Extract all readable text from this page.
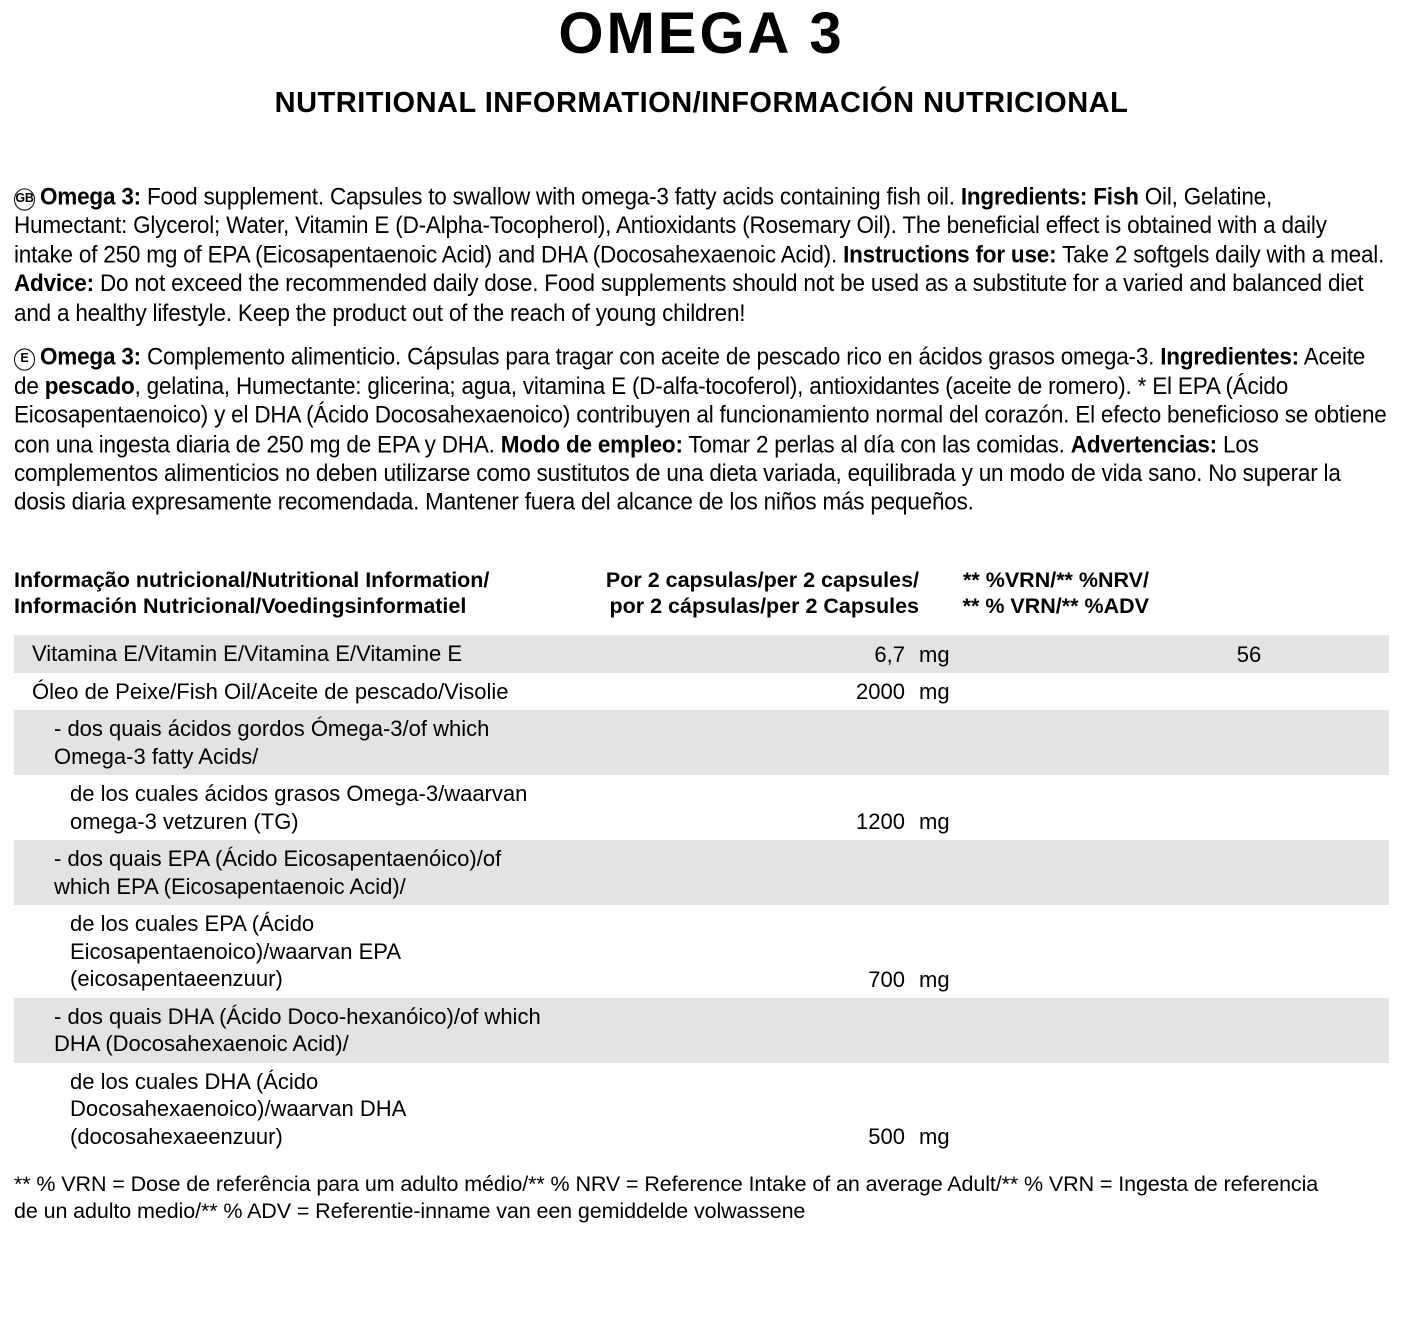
OMEGA 3
NUTRITIONAL INFORMATION/INFORMACIÓN NUTRICIONAL

GB Omega 3: Food supplement. Capsules to swallow with omega-3 fatty acids containing fish oil. Ingredients: Fish Oil, Gelatine, Humectant: Glycerol; Water, Vitamin E (D-Alpha-Tocopherol), Antioxidants (Rosemary Oil). The beneficial effect is obtained with a daily intake of 250 mg of EPA (Eicosapentaenoic Acid) and DHA (Docosahexaenoic Acid). Instructions for use: Take 2 softgels daily with a meal. Advice: Do not exceed the recommended daily dose. Food supplements should not be used as a substitute for a varied and balanced diet and a healthy lifestyle. Keep the product out of the reach of young children!

E Omega 3: Complemento alimenticio. Cápsulas para tragar con aceite de pescado rico en ácidos grasos omega-3. Ingredientes: Aceite de pescado, gelatina, Humectante: glicerina; agua, vitamina E (D-alfa-tocoferol), antioxidantes (aceite de romero). * El EPA (Ácido Eicosapentaenoico) y el DHA (Ácido Docosahexaenoico) contribuyen al funcionamiento normal del corazón. El efecto beneficioso se obtiene con una ingesta diaria de 250 mg de EPA y DHA. Modo de empleo: Tomar 2 perlas al día con las comidas. Advertencias: Los complementos alimenticios no deben utilizarse como sustitutos de una dieta variada, equilibrada y un modo de vida sano. No superar la dosis diaria expresamente recomendada. Mantener fuera del alcance de los niños más pequeños.

Informação nutricional/Nutritional Information/
Información Nutricional/Voedingsinformatiel

Por 2 capsulas/per 2 capsules/
por 2 cápsulas/per 2 Capsules

** %VRN/** %NRV/
** % VRN/** %ADV

Vitamina E/Vitamin E/Vitamina E/Vitamine E	6,7	mg	56
Óleo de Peixe/Fish Oil/Aceite de pescado/Visolie	2000	mg	
- dos quais ácidos gordos Ómega-3/of which Omega-3 fatty Acids/			
de los cuales ácidos grasos Omega-3/waarvan omega-3 vetzuren (TG)	1200	mg	
- dos quais EPA (Ácido Eicosapentaenóico)/of which EPA (Eicosapentaenoic Acid)/			
de los cuales EPA (Ácido Eicosapentaenoico)/waarvan EPA (eicosapentaeenzuur)	700	mg	
- dos quais DHA (Ácido Doco-hexanóico)/of which DHA (Docosahexaenoic Acid)/			
de los cuales DHA (Ácido Docosahexaenoico)/waarvan DHA (docosahexaeenzuur)	500	mg	
** % VRN = Dose de referência para um adulto médio/** % NRV = Reference Intake of an average Adult/** % VRN = Ingesta de referencia
de un adulto medio/** % ADV = Referentie-inname van een gemiddelde volwassene
